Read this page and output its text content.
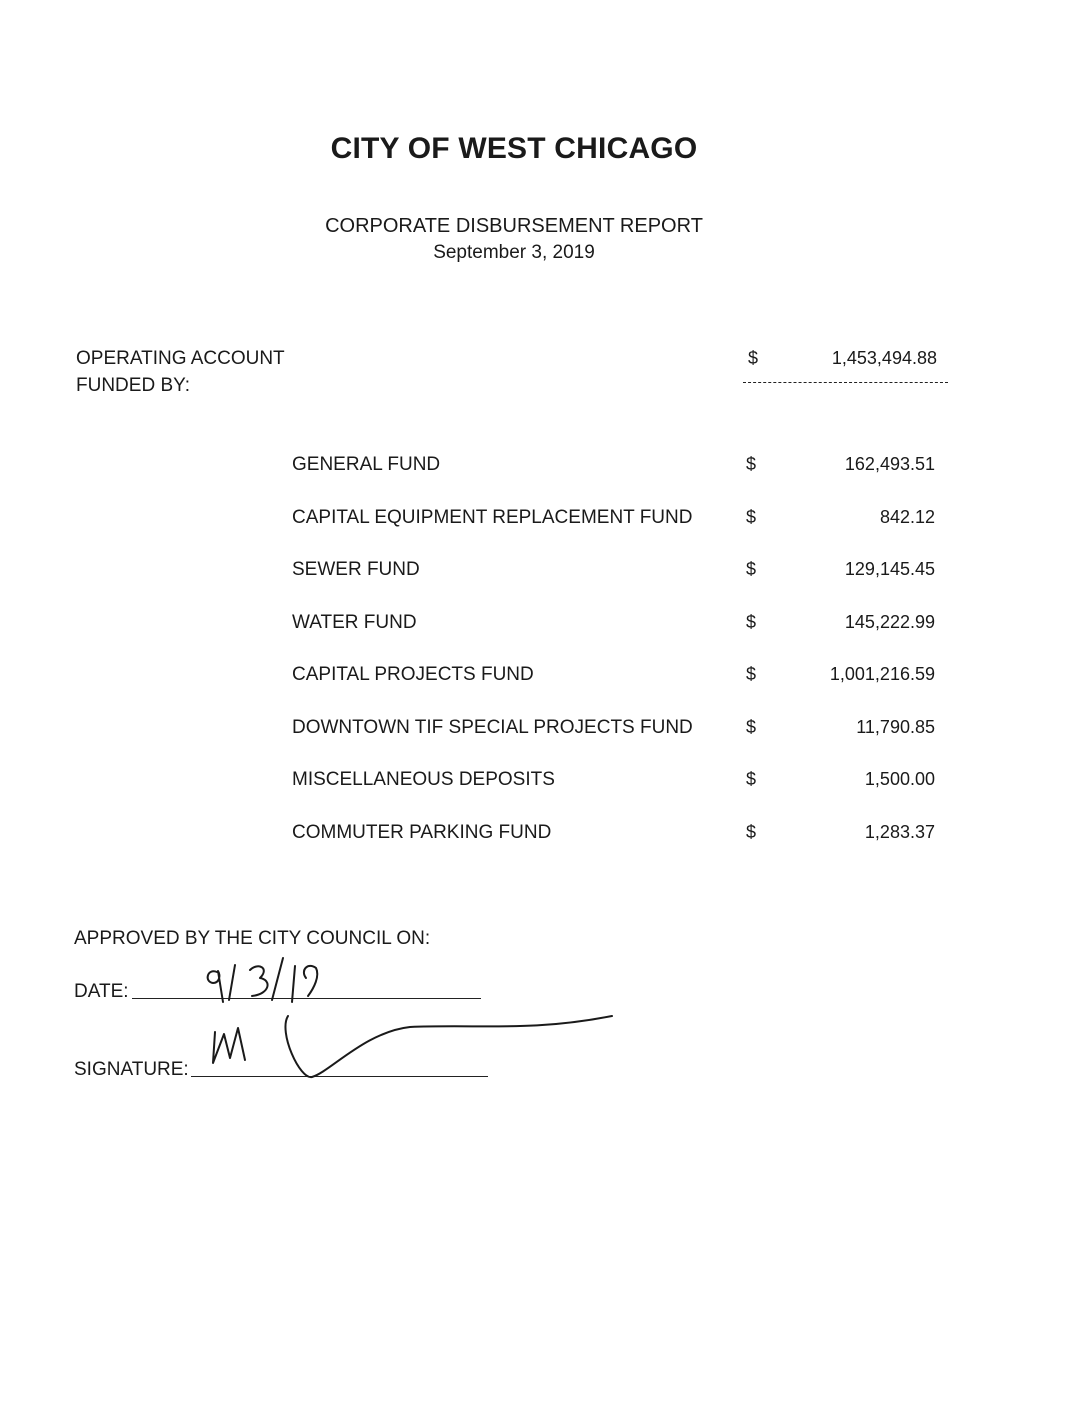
CITY OF WEST CHICAGO
CORPORATE DISBURSEMENT REPORT
September 3, 2019
OPERATING ACCOUNT
FUNDED BY:
$	1,453,494.88
GENERAL FUND	$	162,493.51
CAPITAL EQUIPMENT REPLACEMENT FUND	$	842.12
SEWER FUND	$	129,145.45
WATER FUND	$	145,222.99
CAPITAL PROJECTS FUND	$	1,001,216.59
DOWNTOWN TIF SPECIAL PROJECTS FUND	$	11,790.85
MISCELLANEOUS DEPOSITS	$	1,500.00
COMMUTER PARKING FUND	$	1,283.37
APPROVED BY THE CITY COUNCIL ON:
DATE:
SIGNATURE:
